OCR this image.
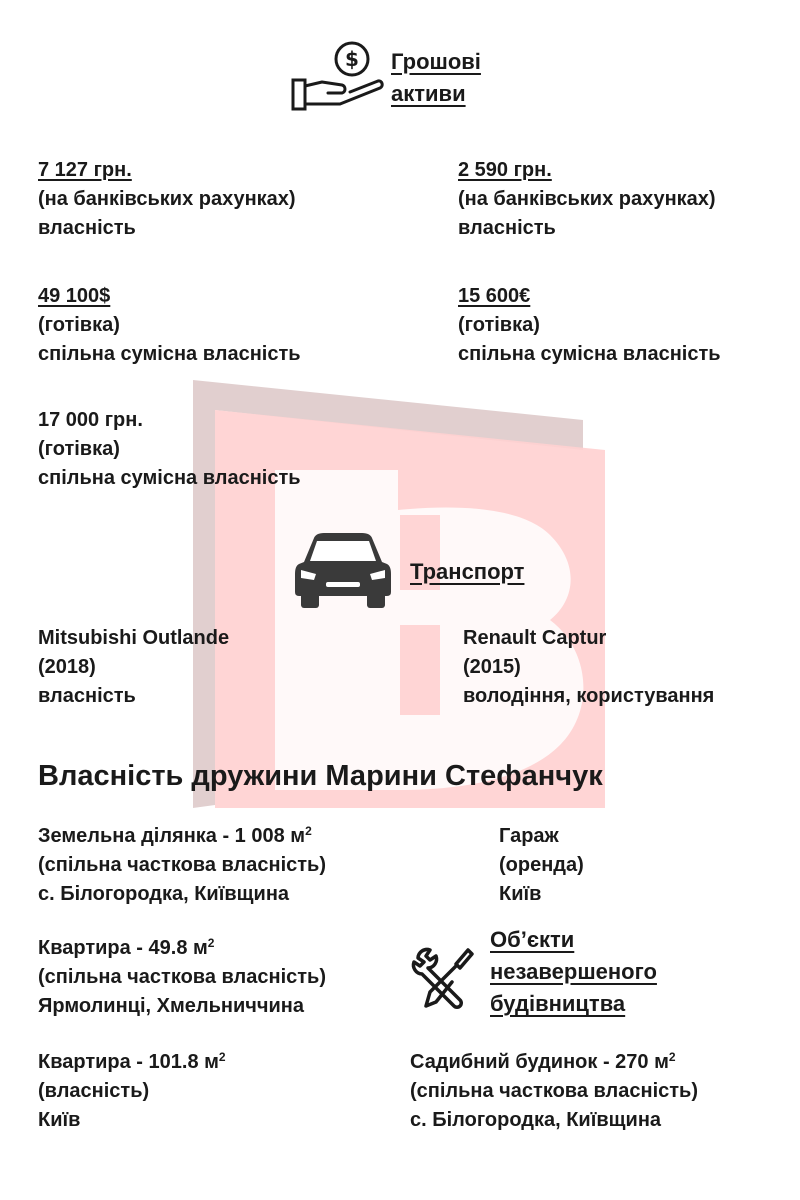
$ Грошові
активи
7 127 грн.
(на банківських рахунках)
власність
2 590 грн.
(на банківських рахунках)
власність
49 100$
(готівка)
спільна сумісна власність
15 600€
(готівка)
спільна сумісна власність
17 000 грн.
(готівка)
спільна сумісна власність
Транспорт
Mitsubishi Outlande
(2018)
власність
Renault Captur
(2015)
володіння, користування
Власність дружини Марини Стефанчук
Земельна ділянка - 1 008 $м^2$
(спільна часткова власність)
с. Білогородка, Київщина
Гараж
(оренда)
Київ
Квартира - 49.8 $м^2$
(спільна часткова власність)
Ярмолинці, Хмельниччина
Об’єкти
незавершеного
будівництва
Квартира - 101.8 $м^2$
(власність)
Київ
Садибний будинок - 270 $м^2$
(спільна часткова власність)
с. Білогородка, Київщина
